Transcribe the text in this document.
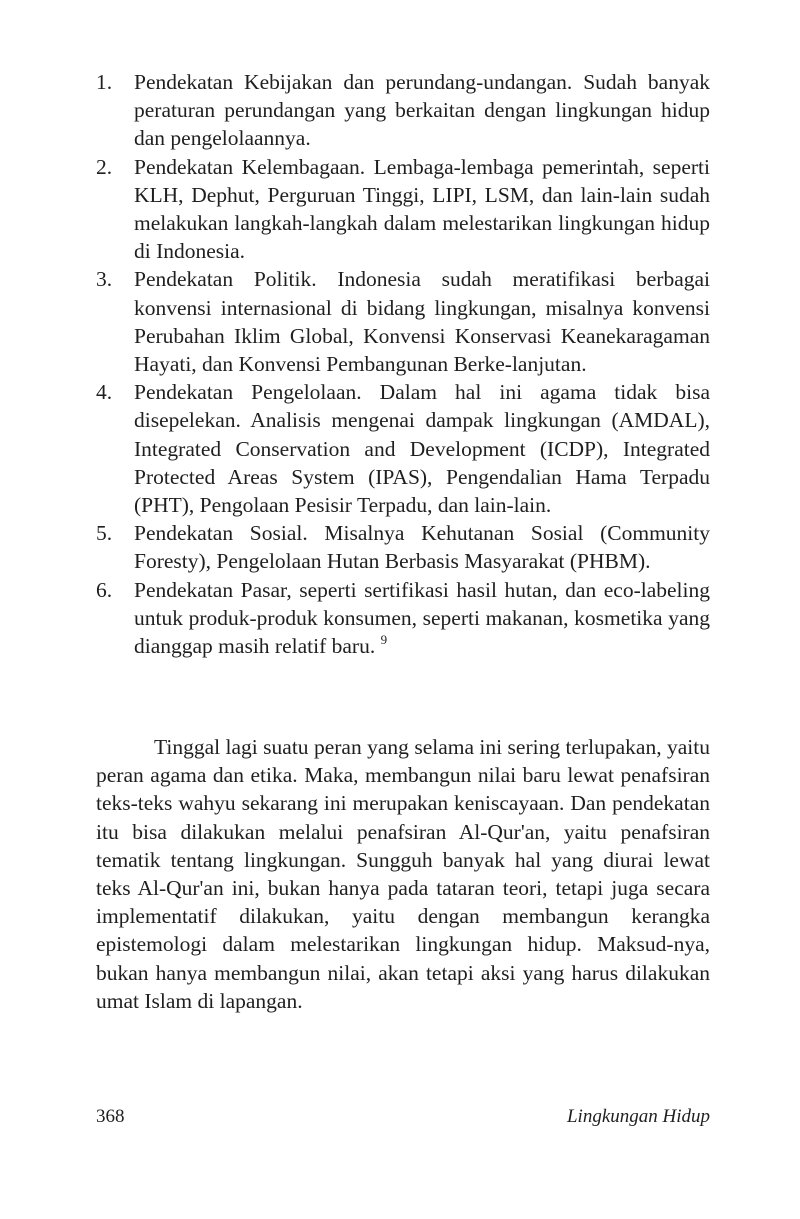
1. Pendekatan Kebijakan dan perundang-undangan. Sudah banyak peraturan perundangan yang berkaitan dengan lingkungan hidup dan pengelolaannya.
2. Pendekatan Kelembagaan. Lembaga-lembaga pemerintah, seperti KLH, Dephut, Perguruan Tinggi, LIPI, LSM, dan lain-lain sudah melakukan langkah-langkah dalam melestarikan lingkungan hidup di Indonesia.
3. Pendekatan Politik. Indonesia sudah meratifikasi berbagai konvensi internasional di bidang lingkungan, misalnya konvensi Perubahan Iklim Global, Konvensi Konservasi Keanekaragaman Hayati, dan Konvensi Pembangunan Berke-lanjutan.
4. Pendekatan Pengelolaan. Dalam hal ini agama tidak bisa disepelekan. Analisis mengenai dampak lingkungan (AMDAL), Integrated Conservation and Development (ICDP), Integrated Protected Areas System (IPAS), Pengendalian Hama Terpadu (PHT), Pengolaan Pesisir Terpadu, dan lain-lain.
5. Pendekatan Sosial. Misalnya Kehutanan Sosial (Community Foresty), Pengelolaan Hutan Berbasis Masyarakat (PHBM).
6. Pendekatan Pasar, seperti sertifikasi hasil hutan, dan eco-labeling untuk produk-produk konsumen, seperti makanan, kosmetika yang dianggap masih relatif baru. $^9$

Tinggal lagi suatu peran yang selama ini sering terlupakan, yaitu peran agama dan etika. Maka, membangun nilai baru lewat penafsiran teks-teks wahyu sekarang ini merupakan keniscayaan. Dan pendekatan itu bisa dilakukan melalui penafsiran Al-Qur'an, yaitu penafsiran tematik tentang lingkungan. Sungguh banyak hal yang diurai lewat teks Al-Qur'an ini, bukan hanya pada tataran teori, tetapi juga secara implementatif dilakukan, yaitu dengan membangun kerangka epistemologi dalam melestarikan lingkungan hidup. Maksud-nya, bukan hanya membangun nilai, akan tetapi aksi yang harus dilakukan umat Islam di lapangan.

368	Lingkungan Hidup
